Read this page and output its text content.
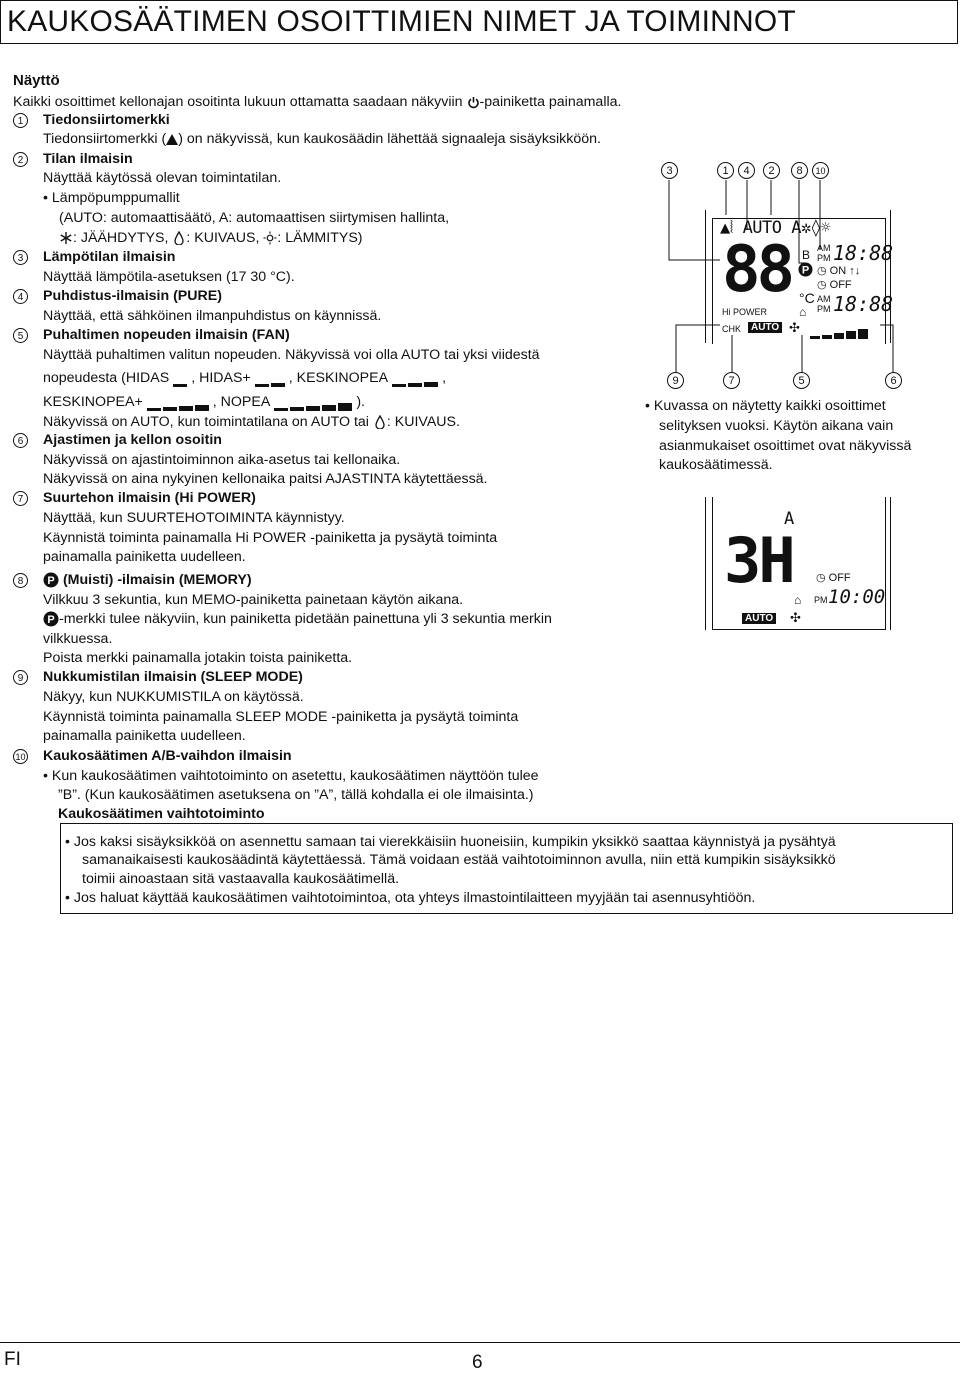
KAUKOSÄÄTIMEN OSOITTIMIEN NIMET JA TOIMINNOT
Näyttö
Kaikki osoittimet kellonajan osoitinta lukuun ottamatta saadaan näkyviin -painiketta painamalla.
1	Tiedonsiirtomerkki
Tiedonsiirtomerkki ( ) on näkyvissä, kun kaukosäädin lähettää signaaleja sisäyksikköön.
2	Tilan ilmaisin
Näyttää käytössä olevan toimintatilan.
• Lämpöpumppumallit
(AUTO: automaattisäätö, A: automaattisen siirtymisen hallinta,
: JÄÄHDYTYS, : KUIVAUS, : LÄMMITYS)
3	Lämpötilan ilmaisin
Näyttää lämpötila-asetuksen (17 30 °C).
4	Puhdistus-ilmaisin (PURE)
Näyttää, että sähköinen ilmanpuhdistus on käynnissä.
5	Puhaltimen nopeuden ilmaisin (FAN)
Näyttää puhaltimen valitun nopeuden. Näkyvissä voi olla AUTO tai yksi viidestä
nopeudesta (HIDAS , HIDAS+	, KESKINOPEA	,
KESKINOPEA+	, NOPEA	).
Näkyvissä on AUTO, kun toimintatilana on AUTO tai : KUIVAUS.
6	Ajastimen ja kellon osoitin
Näkyvissä on ajastintoiminnon aika-asetus tai kellonaika.
Näkyvissä on aina nykyinen kellonaika paitsi AJASTINTA käytettäessä.
7	Suurtehon ilmaisin (Hi POWER)
Näyttää, kun SUURTEHOTOIMINTA käynnistyy.
Käynnistä toiminta painamalla Hi POWER -painiketta ja pysäytä toiminta
painamalla painiketta uudelleen.
8	P (Muisti) -ilmaisin (MEMORY)
Vilkkuu 3 sekuntia, kun MEMO-painiketta painetaan käytön aikana.
P -merkki tulee näkyviin, kun painiketta pidetään painettuna yli 3 sekuntia merkin
vilkkuessa.
Poista merkki painamalla jotakin toista painiketta.
9	Nukkumistilan ilmaisin (SLEEP MODE)
Näkyy, kun NUKKUMISTILA on käytössä.
Käynnistä toiminta painamalla SLEEP MODE -painiketta ja pysäytä toiminta
painamalla painiketta uudelleen.
10 Kaukosäätimen A/B-vaihdon ilmaisin
• Kun kaukosäätimen vaihtotoiminto on asetettu, kaukosäätimen näyttöön tulee
”B”. (Kun kaukosäätimen asetuksena on ”A”, tällä kohdalla ei ole ilmaisinta.)
Kaukosäätimen vaihtotoiminto
• Jos kaksi sisäyksikköä on asennettu samaan tai vierekkäisiin huoneisiin, kumpikin yksikkö saattaa käynnistyä ja pysähtyä
samanaikaisesti kaukosäädintä käytettäessä. Tämä voidaan estää vaihtotoiminnon avulla, niin että kumpikin sisäyksikkö
toimii ainoastaan sitä vastaavalla kaukosäätimellä.
• Jos haluat käyttää kaukosäätimen vaihtotoimintoa, ota yhteys ilmastointilaitteen myyjään tai asennusyhtiöön.
3	1	4	2	8	10
▲⦚ AUTO A✲◊☼
88 B
P
°C
AM
PM 18:88
◷ ON ↑↓
◷ OFF
AM
PM 18:88
⌂
Hi POWER
CHK AUTO ✣
9	7	5	6
• Kuvassa on näytetty kaikki osoittimet
selityksen vuoksi. Käytön aikana vain
asianmukaiset osoittimet ovat näkyvissä
kaukosäätimessä.
A
3H ◷ OFF
⌂ PM 10:00
AUTO ✣
FI	6
